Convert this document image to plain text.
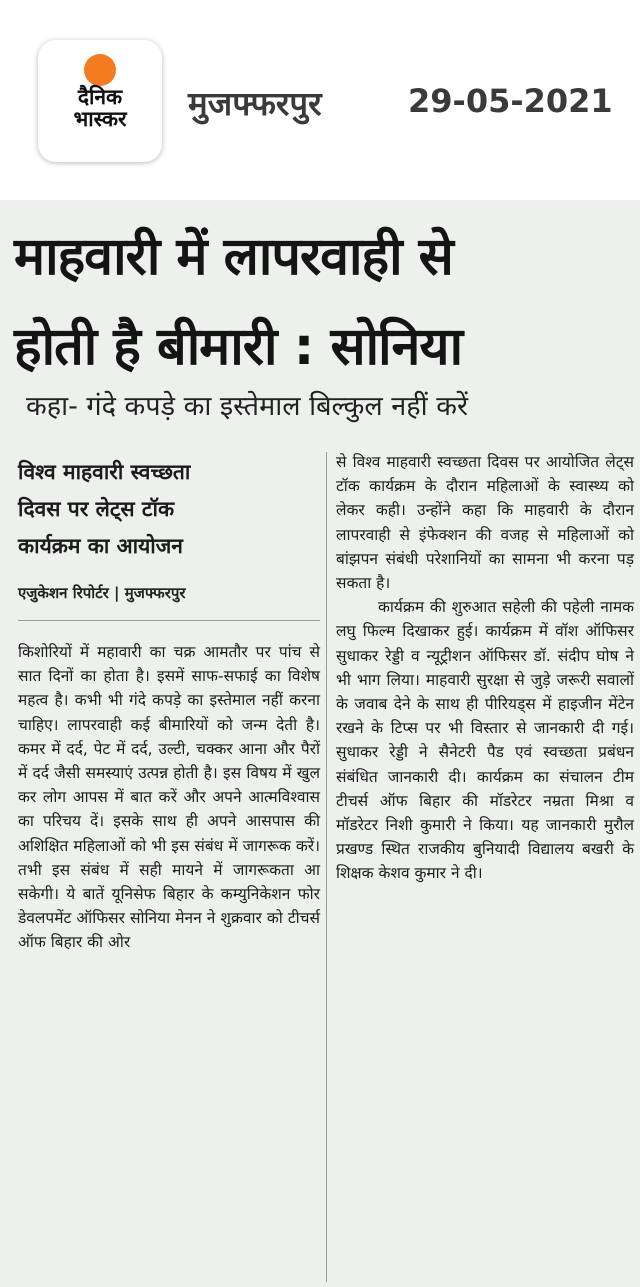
दैनिक
भास्कर	मुजफ्फरपुर	29-05-2021
माहवारी में लापरवाही से
होती है बीमारी : सोनिया

कहा- गंदे कपड़े का इस्तेमाल बिल्कुल नहीं करें

विश्व माहवारी स्वच्छता
दिवस पर लेट्स टॉक
कार्यक्रम का आयोजन
एजुकेशन रिपोर्टर | मुजफ्फरपुर

किशोरियों में महावारी का चक्र आमतौर पर पांच से सात दिनों का होता है। इसमें साफ-सफाई का विशेष महत्व है। कभी भी गंदे कपड़े का इस्तेमाल नहीं करना चाहिए। लापरवाही कई बीमारियों को जन्म देती है। कमर में दर्द, पेट में दर्द, उल्टी, चक्कर आना और पैरों में दर्द जैसी समस्याएं उत्पन्न होती है। इस विषय में खुल कर लोग आपस में बात करें और अपने आत्मविश्वास का परिचय दें। इसके साथ ही अपने आसपास की अशिक्षित महिलाओं को भी इस संबंध में जागरूक करें। तभी इस संबंध में सही मायने में जागरूकता आ सकेगी। ये बातें यूनिसेफ बिहार के कम्युनिकेशन फोर डेवलपमेंट ऑफिसर सोनिया मेनन ने शुक्रवार को टीचर्स ऑफ बिहार की ओर

से विश्व माहवारी स्वच्छता दिवस पर आयोजित लेट्स टॉक कार्यक्रम के दौरान महिलाओं के स्वास्थ्य को लेकर कही। उन्होंने कहा कि माहवारी के दौरान लापरवाही से इंफेक्शन की वजह से महिलाओं को बांझपन संबंधी परेशानियों का सामना भी करना पड़ सकता है।

कार्यक्रम की शुरुआत सहेली की पहेली नामक लघु फिल्म दिखाकर हुई। कार्यक्रम में वॉश ऑफिसर सुधाकर रेड्डी व न्यूट्रीशन ऑफिसर डॉ. संदीप घोष ने भी भाग लिया। माहवारी सुरक्षा से जुड़े जरूरी सवालों के जवाब देने के साथ ही पीरियड्स में हाइजीन मेंटेन रखने के टिप्स पर भी विस्तार से जानकारी दी गई। सुधाकर रेड्डी ने सैनेटरी पैड एवं स्वच्छता प्रबंधन संबंधित जानकारी दी। कार्यक्रम का संचालन टीम टीचर्स ऑफ बिहार की मॉडरेटर नम्रता मिश्रा व मॉडरेटर निशी कुमारी ने किया। यह जानकारी मुरौल प्रखण्ड स्थित राजकीय बुनियादी विद्यालय बखरी के शिक्षक केशव कुमार ने दी।
